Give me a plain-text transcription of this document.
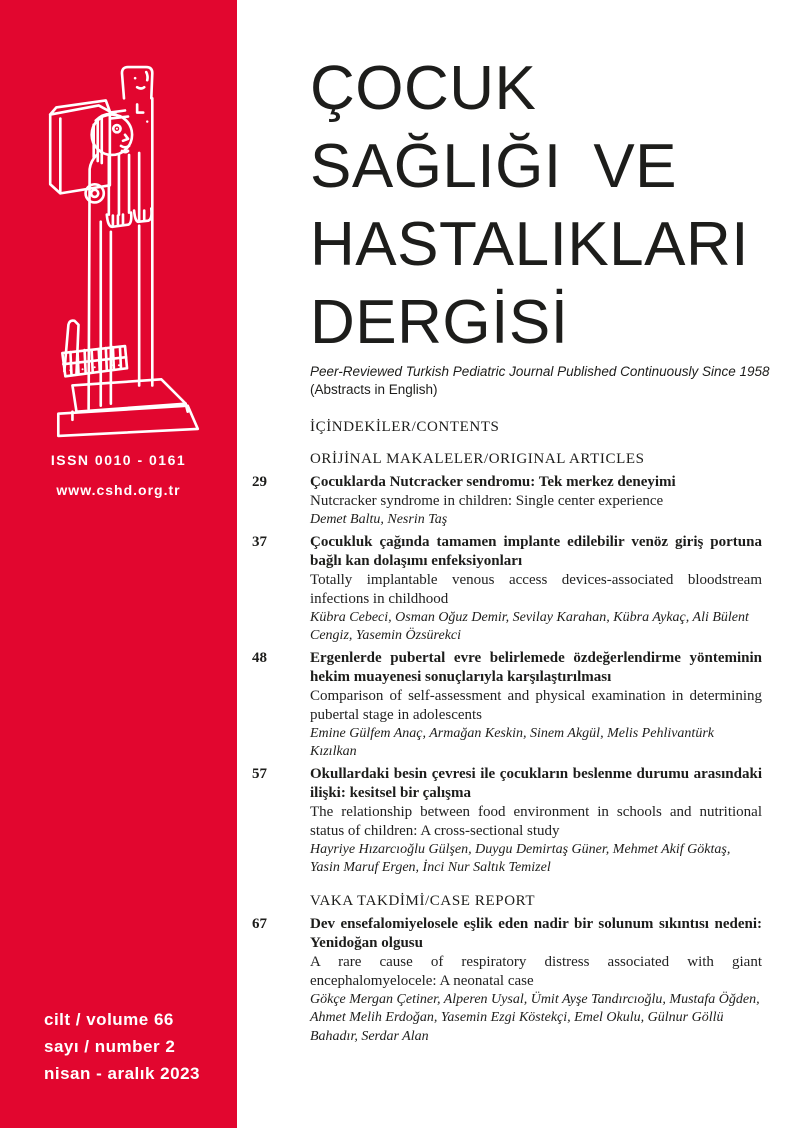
ISSN 0010 - 0161
www.cshd.org.tr
cilt / volume 66
sayı / number 2
nisan - aralık 2023
ÇOCUK
SAĞLIĞI VE
HASTALIKLARI
DERGİSİ
Peer-Reviewed Turkish Pediatric Journal Published Continuously Since 1958
(Abstracts in English)
İÇİNDEKİLER/CONTENTS
ORİJİNAL MAKALELER/ORIGINAL ARTICLES
29	Çocuklarda Nutcracker sendromu: Tek merkez deneyimi
Nutcracker syndrome in children: Single center experience
Demet Baltu, Nesrin Taş
37	Çocukluk çağında tamamen implante edilebilir venöz giriş portuna bağlı kan dolaşımı enfeksiyonları
Totally implantable venous access devices-associated bloodstream infections in childhood
Kübra Cebeci, Osman Oğuz Demir, Sevilay Karahan, Kübra Aykaç, Ali Bülent Cengiz, Yasemin Özsürekci
48	Ergenlerde pubertal evre belirlemede özdeğerlendirme yönteminin hekim muayenesi sonuçlarıyla karşılaştırılması
Comparison of self-assessment and physical examination in determining pubertal stage in adolescents
Emine Gülfem Anaç, Armağan Keskin, Sinem Akgül, Melis Pehlivantürk Kızılkan
57	Okullardaki besin çevresi ile çocukların beslenme durumu arasındaki ilişki: kesitsel bir çalışma
The relationship between food environment in schools and nutritional status of children: A cross-sectional study
Hayriye Hızarcıoğlu Gülşen, Duygu Demirtaş Güner, Mehmet Akif Göktaş, Yasin Maruf Ergen, İnci Nur Saltık Temizel
VAKA TAKDİMİ/CASE REPORT
67	Dev ensefalomiyelosele eşlik eden nadir bir solunum sıkıntısı nedeni: Yenidoğan olgusu
A rare cause of respiratory distress associated with giant encephalomyelocele: A neonatal case
Gökçe Mergan Çetiner, Alperen Uysal, Ümit Ayşe Tandırcıoğlu, Mustafa Öğden, Ahmet Melih Erdoğan, Yasemin Ezgi Köstekçi, Emel Okulu, Gülnur Göllü Bahadır, Serdar Alan
